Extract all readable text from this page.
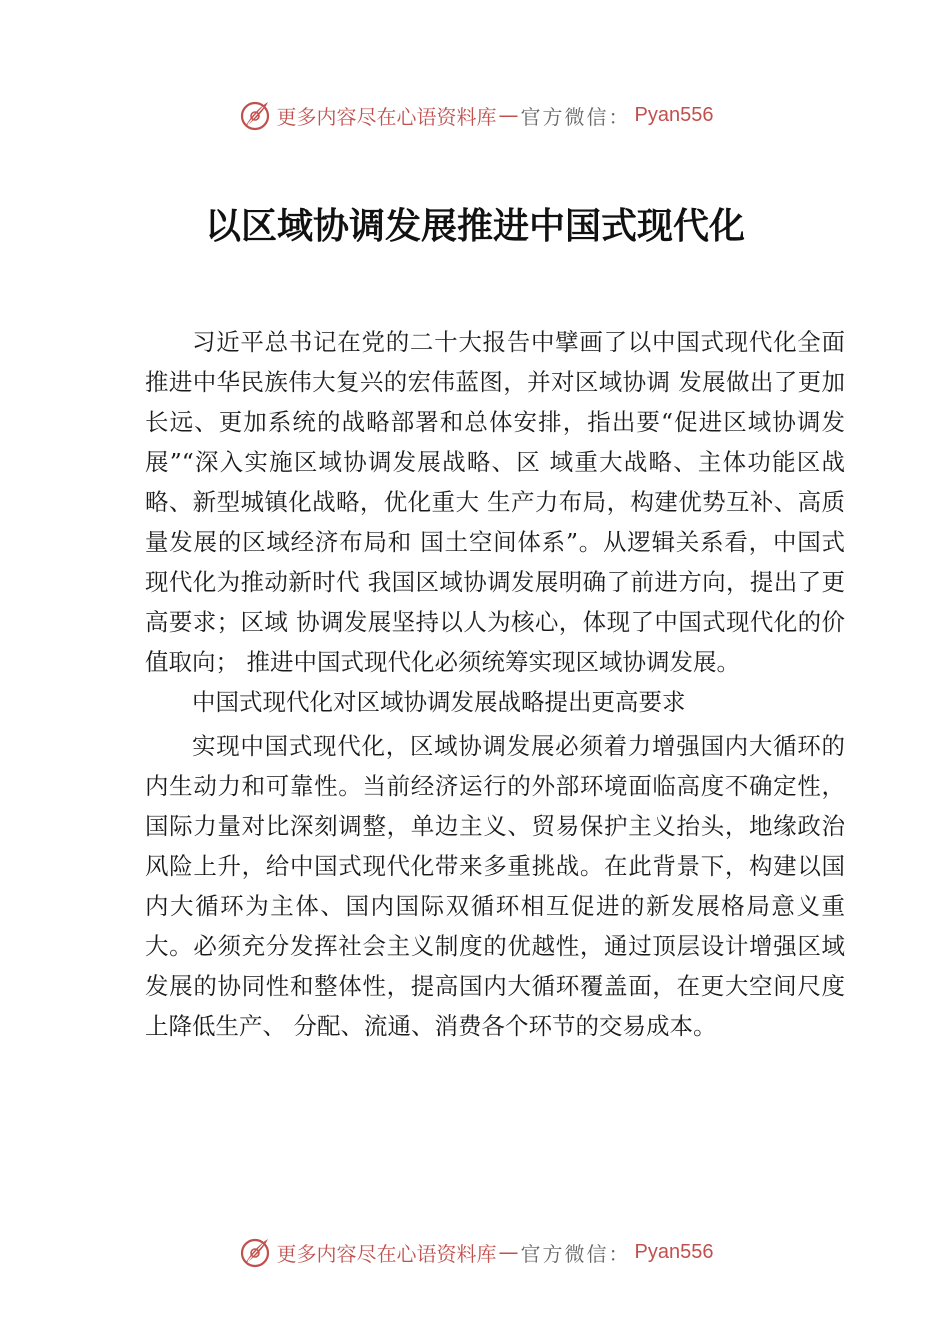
更多内容尽在心语资料库 — 官方微信： Pyan556
以区域协调发展推进中国式现代化

习近平总书记在党的二十大报告中擘画了以中国式现代化全面推进中华民族伟大复兴的宏伟蓝图，并对区域协调 发展做出了更加长远、更加系统的战略部署和总体安排，指出要“促进区域协调发展”“深入实施区域协调发展战略、区 域重大战略、主体功能区战略、新型城镇化战略，优化重大 生产力布局，构建优势互补、高质量发展的区域经济布局和 国土空间体系”。从逻辑关系看，中国式现代化为推动新时代 我国区域协调发展明确了前进方向，提出了更高要求；区域 协调发展坚持以人为核心，体现了中国式现代化的价值取向； 推进中国式现代化必须统筹实现区域协调发展。

中国式现代化对区域协调发展战略提出更高要求

实现中国式现代化，区域协调发展必须着力增强国内大循环的内生动力和可靠性。当前经济运行的外部环境面临高度不确定性，国际力量对比深刻调整，单边主义、贸易保护主义抬头，地缘政治风险上升，给中国式现代化带来多重挑战。在此背景下，构建以国内大循环为主体、国内国际双循环相互促进的新发展格局意义重大。必须充分发挥社会主义制度的优越性，通过顶层设计增强区域发展的协同性和整体性，提高国内大循环覆盖面，在更大空间尺度上降低生产、 分配、流通、消费各个环节的交易成本。

更多内容尽在心语资料库 — 官方微信： Pyan556
